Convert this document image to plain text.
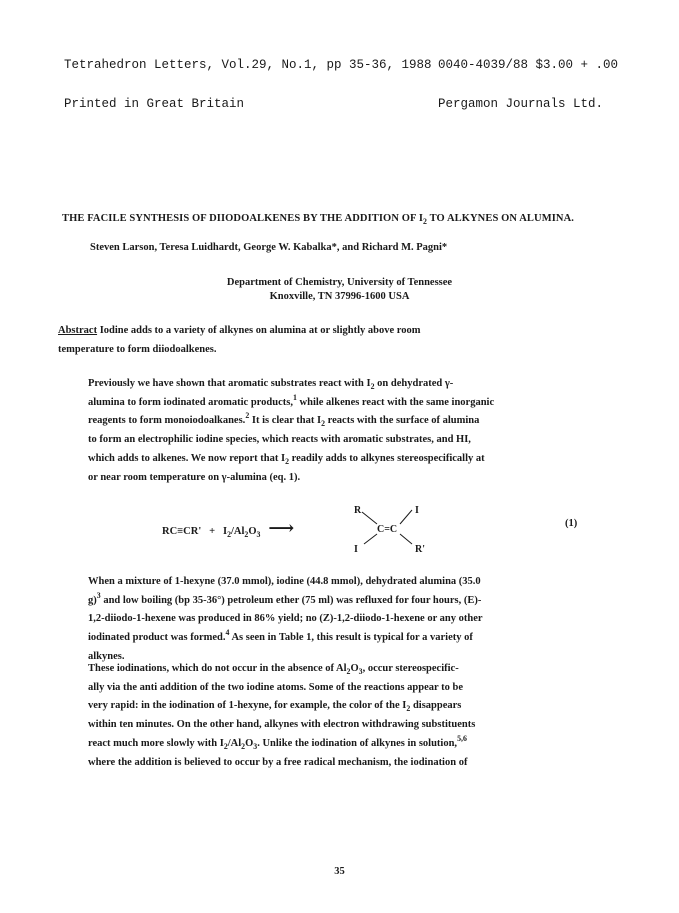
Tetrahedron Letters, Vol.29, No.1, pp 35-36, 1988

Printed in Great Britain

0040-4039/88 $3.00 + .00

Pergamon Journals Ltd.

THE FACILE SYNTHESIS OF DIIODOALKENES BY THE ADDITION OF $I_2$ TO ALKYNES ON ALUMINA.
Steven Larson, Teresa Luidhardt, George W. Kabalka*, and Richard M. Pagni*
Department of Chemistry, University of Tennessee
Knoxville, TN 37996-1600 USA
Abstract Iodine adds to a variety of alkynes on alumina at or slightly above room
temperature to form diiodoalkenes.
Previously we have shown that aromatic substrates react with $I_2$ on dehydrated γ-
alumina to form iodinated aromatic products,$^1$ while alkenes react with the same inorganic
reagents to form monoiodoalkanes.$^2$ It is clear that $I_2$ reacts with the surface of alumina
to form an electrophilic iodine species, which reacts with aromatic substrates, and HI,
which adds to alkenes. We now report that $I_2$ readily adds to alkynes stereospecifically at
or near room temperature on γ-alumina (eq. 1).
$RC\equiv CR' + I_2/Al_2O_3$ ⟶
R	I
C=C
I	R'
(1)
When a mixture of 1-hexyne (37.0 mmol), iodine (44.8 mmol), dehydrated alumina (35.0
g)$^3$ and low boiling (bp 35-36°) petroleum ether (75 ml) was refluxed for four hours, (E)-
1,2-diiodo-1-hexene was produced in 86% yield; no (Z)-1,2-diiodo-1-hexene or any other
iodinated product was formed.$^4$ As seen in Table 1, this result is typical for a variety of
alkynes.
These iodinations, which do not occur in the absence of $Al_2O_3$, occur stereospecific-
ally via the anti addition of the two iodine atoms. Some of the reactions appear to be
very rapid: in the iodination of 1-hexyne, for example, the color of the $I_2$ disappears
within ten minutes. On the other hand, alkynes with electron withdrawing substituents
react much more slowly with $I_2/Al_2O_3$. Unlike the iodination of alkynes in solution,$^{5,6}$
where the addition is believed to occur by a free radical mechanism, the iodination of
35
